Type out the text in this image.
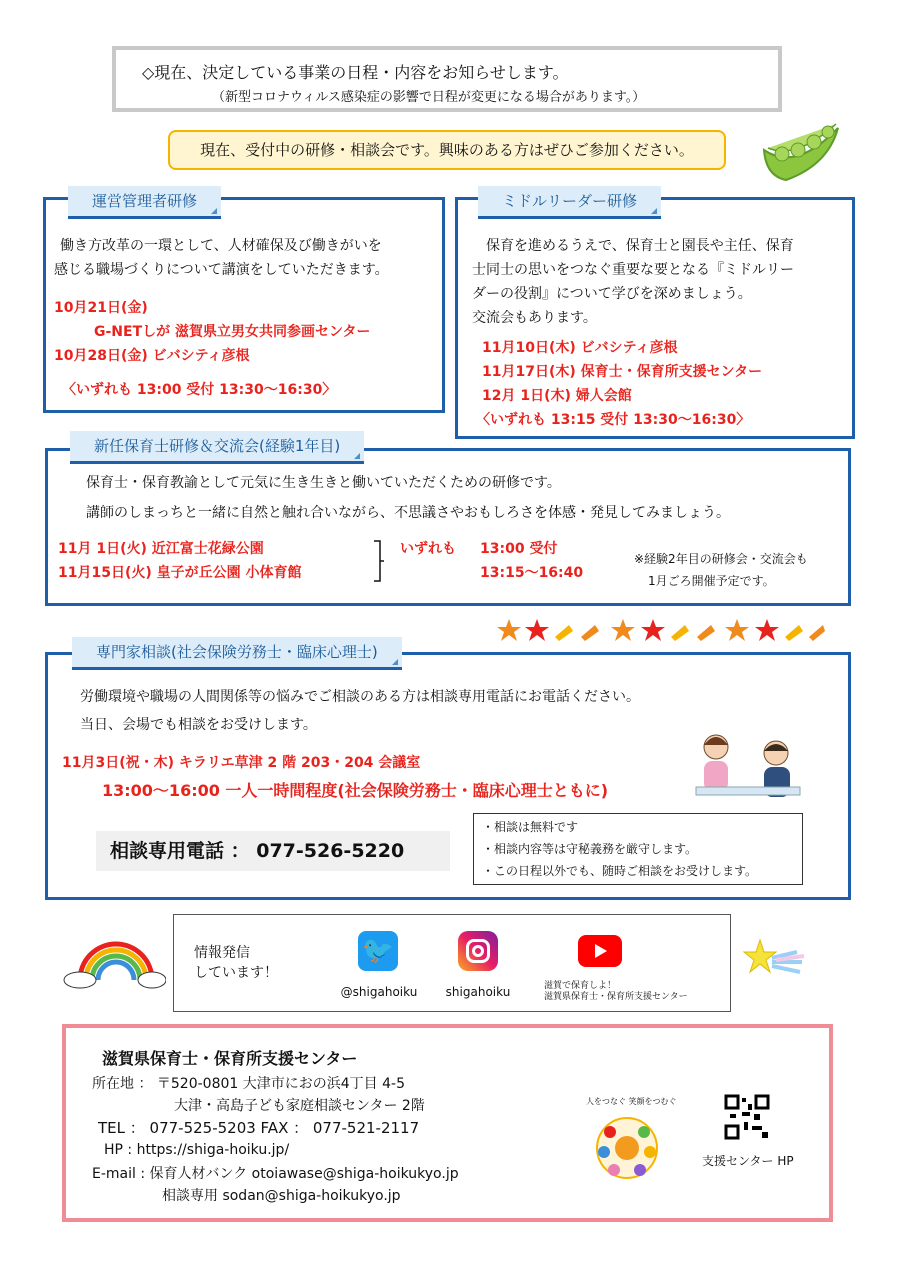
◇現在、決定している事業の日程・内容をお知らせします。
（新型コロナウィルス感染症の影響で日程が変更になる場合があります。）
現在、受付中の研修・相談会です。興味のある方はぜひご参加ください。
働き方改革の一環として、人材確保及び働きがいを
感じる職場づくりについて講演をしていただきます。
10月21日(金)
G-NETしが 滋賀県立男女共同参画センター
10月28日(金) ビバシティ彦根
〈いずれも 13:00 受付 13:30～16:30〉
運営管理者研修
保育を進めるうえで、保育士と園長や主任、保育
士同士の思いをつなぐ重要な要となる『ミドルリー
ダーの役割』について学びを深めましょう。
交流会もあります。
11月10日(木) ビバシティ彦根
11月17日(木) 保育士・保育所支援センター
12月 1日(木) 婦人会館
〈いずれも 13:15 受付 13:30～16:30〉
ミドルリーダー研修
保育士・保育教諭として元気に生き生きと働いていただくための研修です。
講師のしまっちと一緒に自然と触れ合いながら、不思議さやおもしろさを体感・発見してみましょう。
11月 1日(火) 近江富士花緑公園
11月15日(火) 皇子が丘公園 小体育館
いずれも 13:00 受付
13:15～16:40
※経験2年目の研修会・交流会も
1月ごろ開催予定です。
新任保育士研修＆交流会(経験1年目)
労働環境や職場の人間関係等の悩みでご相談のある方は相談専用電話にお電話ください。
当日、会場でも相談をお受けします。
11月3日(祝・木) キラリエ草津 2 階 203・204 会議室
13:00～16:00 一人一時間程度(社会保険労務士・臨床心理士ともに)
相談専用電話 ： 077-526-5220
・相談は無料です
・相談内容等は守秘義務を厳守します。
・この日程以外でも、随時ご相談をお受けします。
専門家相談(社会保険労務士・臨床心理士)
情報発信
しています！
🐦
@shigahoiku	shigahoiku	滋賀で保育しよ！
滋賀県保育士・保育所支援センター
滋賀県保育士・保育所支援センター
所在地 ： 〒520-0801 大津市におの浜4丁目 4-5
大津・高島子ども家庭相談センター 2階
TEL ： 077-525-5203 FAX ： 077-521-2117
HP : https://shiga-hoiku.jp/
E-mail : 保育人材バンク otoiawase@shiga-hoikukyo.jp
相談専用 sodan@shiga-hoikukyo.jp
人をつなぐ 笑顔をつむぐ
支援センター HP
